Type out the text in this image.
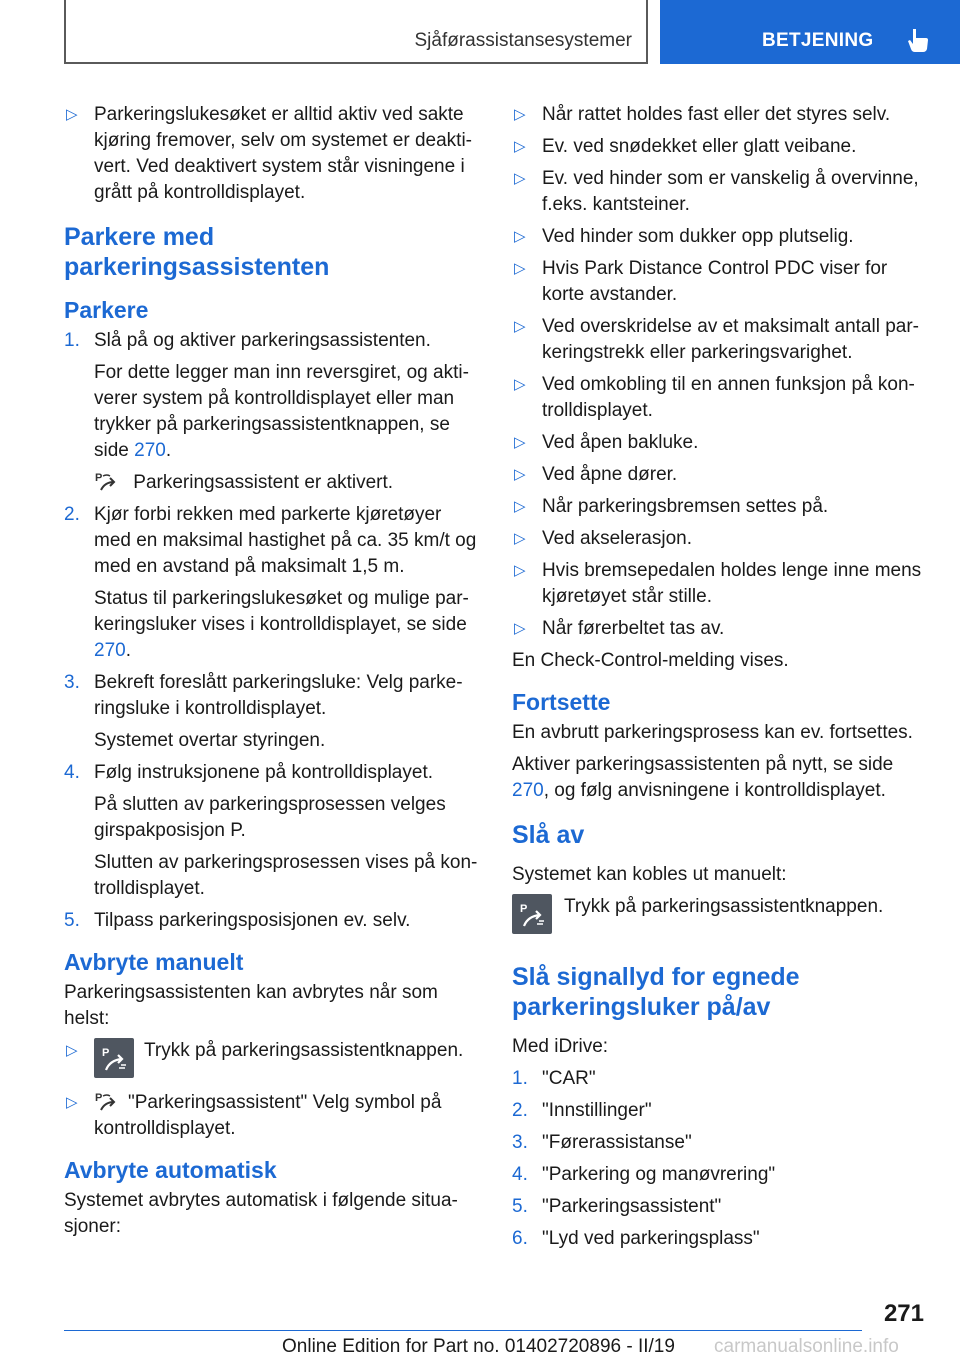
Sjåførassistansesystemer	BETJENING
▷ Parkeringslukesøket er alltid aktiv ved sakte kjøring fremover, selv om systemet er deakti-vert. Ved deaktivert system står visningene i grått på kontrolldisplayet.
Parkere med parkeringsassistenten
Parkere
1. Slå på og aktiver parkeringsassistenten.
For dette legger man inn reversgiret, og akti-verer system på kontrolldisplayet eller man trykker på parkeringsassistentknappen, se side 270.
P Parkeringsassistent er aktivert.
2. Kjør forbi rekken med parkerte kjøretøyer med en maksimal hastighet på ca. 35 km/t og med en avstand på maksimalt 1,5 m.
Status til parkeringslukesøket og mulige par-keringsluker vises i kontrolldisplayet, se side 270.
3. Bekreft foreslått parkeringsluke: Velg parke-ringsluke i kontrolldisplayet.
Systemet overtar styringen.
4. Følg instruksjonene på kontrolldisplayet.
På slutten av parkeringsprosessen velges girspakposisjon P.
Slutten av parkeringsprosessen vises på kon-trolldisplayet.
5. Tilpass parkeringsposisjonen ev. selv.
Avbryte manuelt

Parkeringsassistenten kan avbrytes når som helst:

▷ P Trykk på parkeringsassistentknappen.
▷ P "Parkeringsassistent" Velg symbol på kontrolldisplayet.
Avbryte automatisk

Systemet avbrytes automatisk i følgende situa-sjoner:

▷ Når rattet holdes fast eller det styres selv.
▷ Ev. ved snødekket eller glatt veibane.
▷ Ev. ved hinder som er vanskelig å overvinne, f.eks. kantsteiner.
▷ Ved hinder som dukker opp plutselig.
▷ Hvis Park Distance Control PDC viser for korte avstander.
▷ Ved overskridelse av et maksimalt antall par-keringstrekk eller parkeringsvarighet.
▷ Ved omkobling til en annen funksjon på kon-trolldisplayet.
▷ Ved åpen bakluke.
▷ Ved åpne dører.
▷ Når parkeringsbremsen settes på.
▷ Ved akselerasjon.
▷ Hvis bremsepedalen holdes lenge inne mens kjøretøyet står stille.
▷ Når førerbeltet tas av.

En Check-Control-melding vises.

Fortsette

En avbrutt parkeringsprosess kan ev. fortsettes.

Aktiver parkeringsassistenten på nytt, se side 270, og følg anvisningene i kontrolldisplayet.

Slå av

Systemet kan kobles ut manuelt:

P Trykk på parkeringsassistentknappen.
Slå signallyd for egnede parkeringsluker på/av

Med iDrive:

1. "CAR"
2. "Innstillinger"
3. "Førerassistanse"
4. "Parkering og manøvrering"
5. "Parkeringsassistent"
6. "Lyd ved parkeringsplass"
271
Online Edition for Part no. 01402720896 - II/19 carmanualsonline.info
